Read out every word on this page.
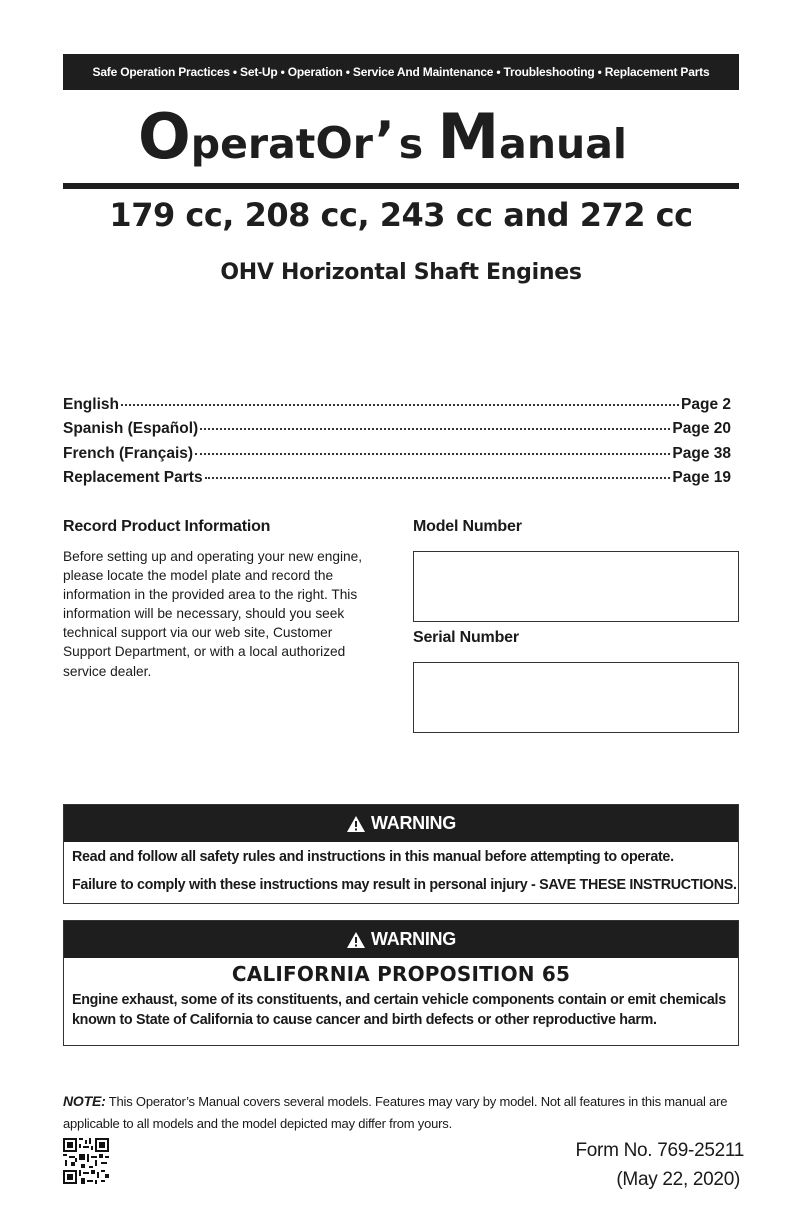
Safe Operation Practices • Set-Up • Operation • Service And Maintenance • Troubleshooting • Replacement Parts
OperatOr’s Manual
179 cc, 208 cc, 243 cc and 272 cc
OHV Horizontal Shaft Engines
English	Page 2
Spanish (Español)	Page 20
French (Français)	Page 38
Replacement Parts	Page 19
Record Product Information
Before setting up and operating your new engine, please locate the model plate and record the information in the provided area to the right. This information will be necessary, should you seek technical support via our web site, Customer Support Department, or with a local authorized service dealer.
Model Number
Serial Number
WARNING
Read and follow all safety rules and instructions in this manual before attempting to operate.
Failure to comply with these instructions may result in personal injury - SAVE THESE INSTRUCTIONS.
WARNING
CALIFORNIA PROPOSITION 65
Engine exhaust, some of its constituents, and certain vehicle components contain or emit chemicals
known to State of California to cause cancer and birth defects or other reproductive harm.
NOTE: This Operator’s Manual covers several models. Features may vary by model. Not all features in this manual are applicable to all models and the model depicted may differ from yours.
Form No. 769-25211
(May 22, 2020)
